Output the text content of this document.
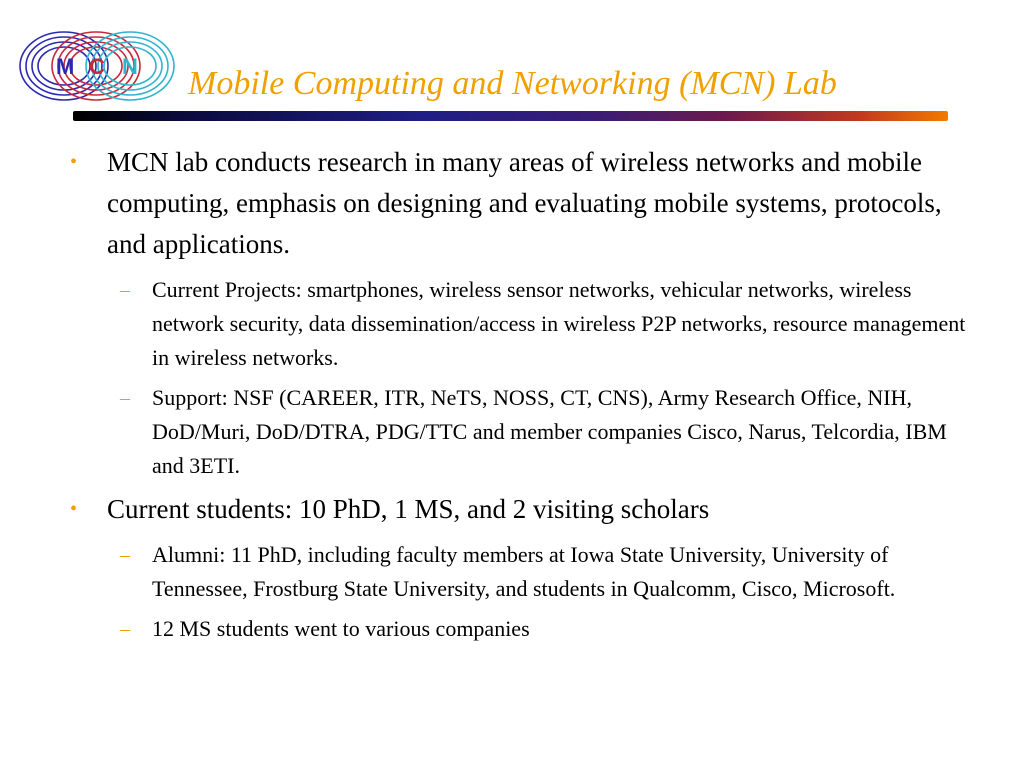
M C N Mobile Computing and Networking (MCN) Lab
• MCN lab conducts research in many areas of wireless networks and mobile computing, emphasis on designing and evaluating mobile systems, protocols, and applications.
– Current Projects: smartphones, wireless sensor networks, vehicular networks, wireless network security, data dissemination/access in wireless P2P networks, resource management in wireless networks.
– Support: NSF (CAREER, ITR, NeTS, NOSS, CT, CNS), Army Research Office, NIH, DoD/Muri, DoD/DTRA, PDG/TTC and member companies Cisco, Narus, Telcordia, IBM and 3ETI.
• Current students: 10 PhD, 1 MS, and 2 visiting scholars
– Alumni: 11 PhD, including faculty members at Iowa State University, University of Tennessee, Frostburg State University, and students in Qualcomm, Cisco, Microsoft.
– 12 MS students went to various companies
